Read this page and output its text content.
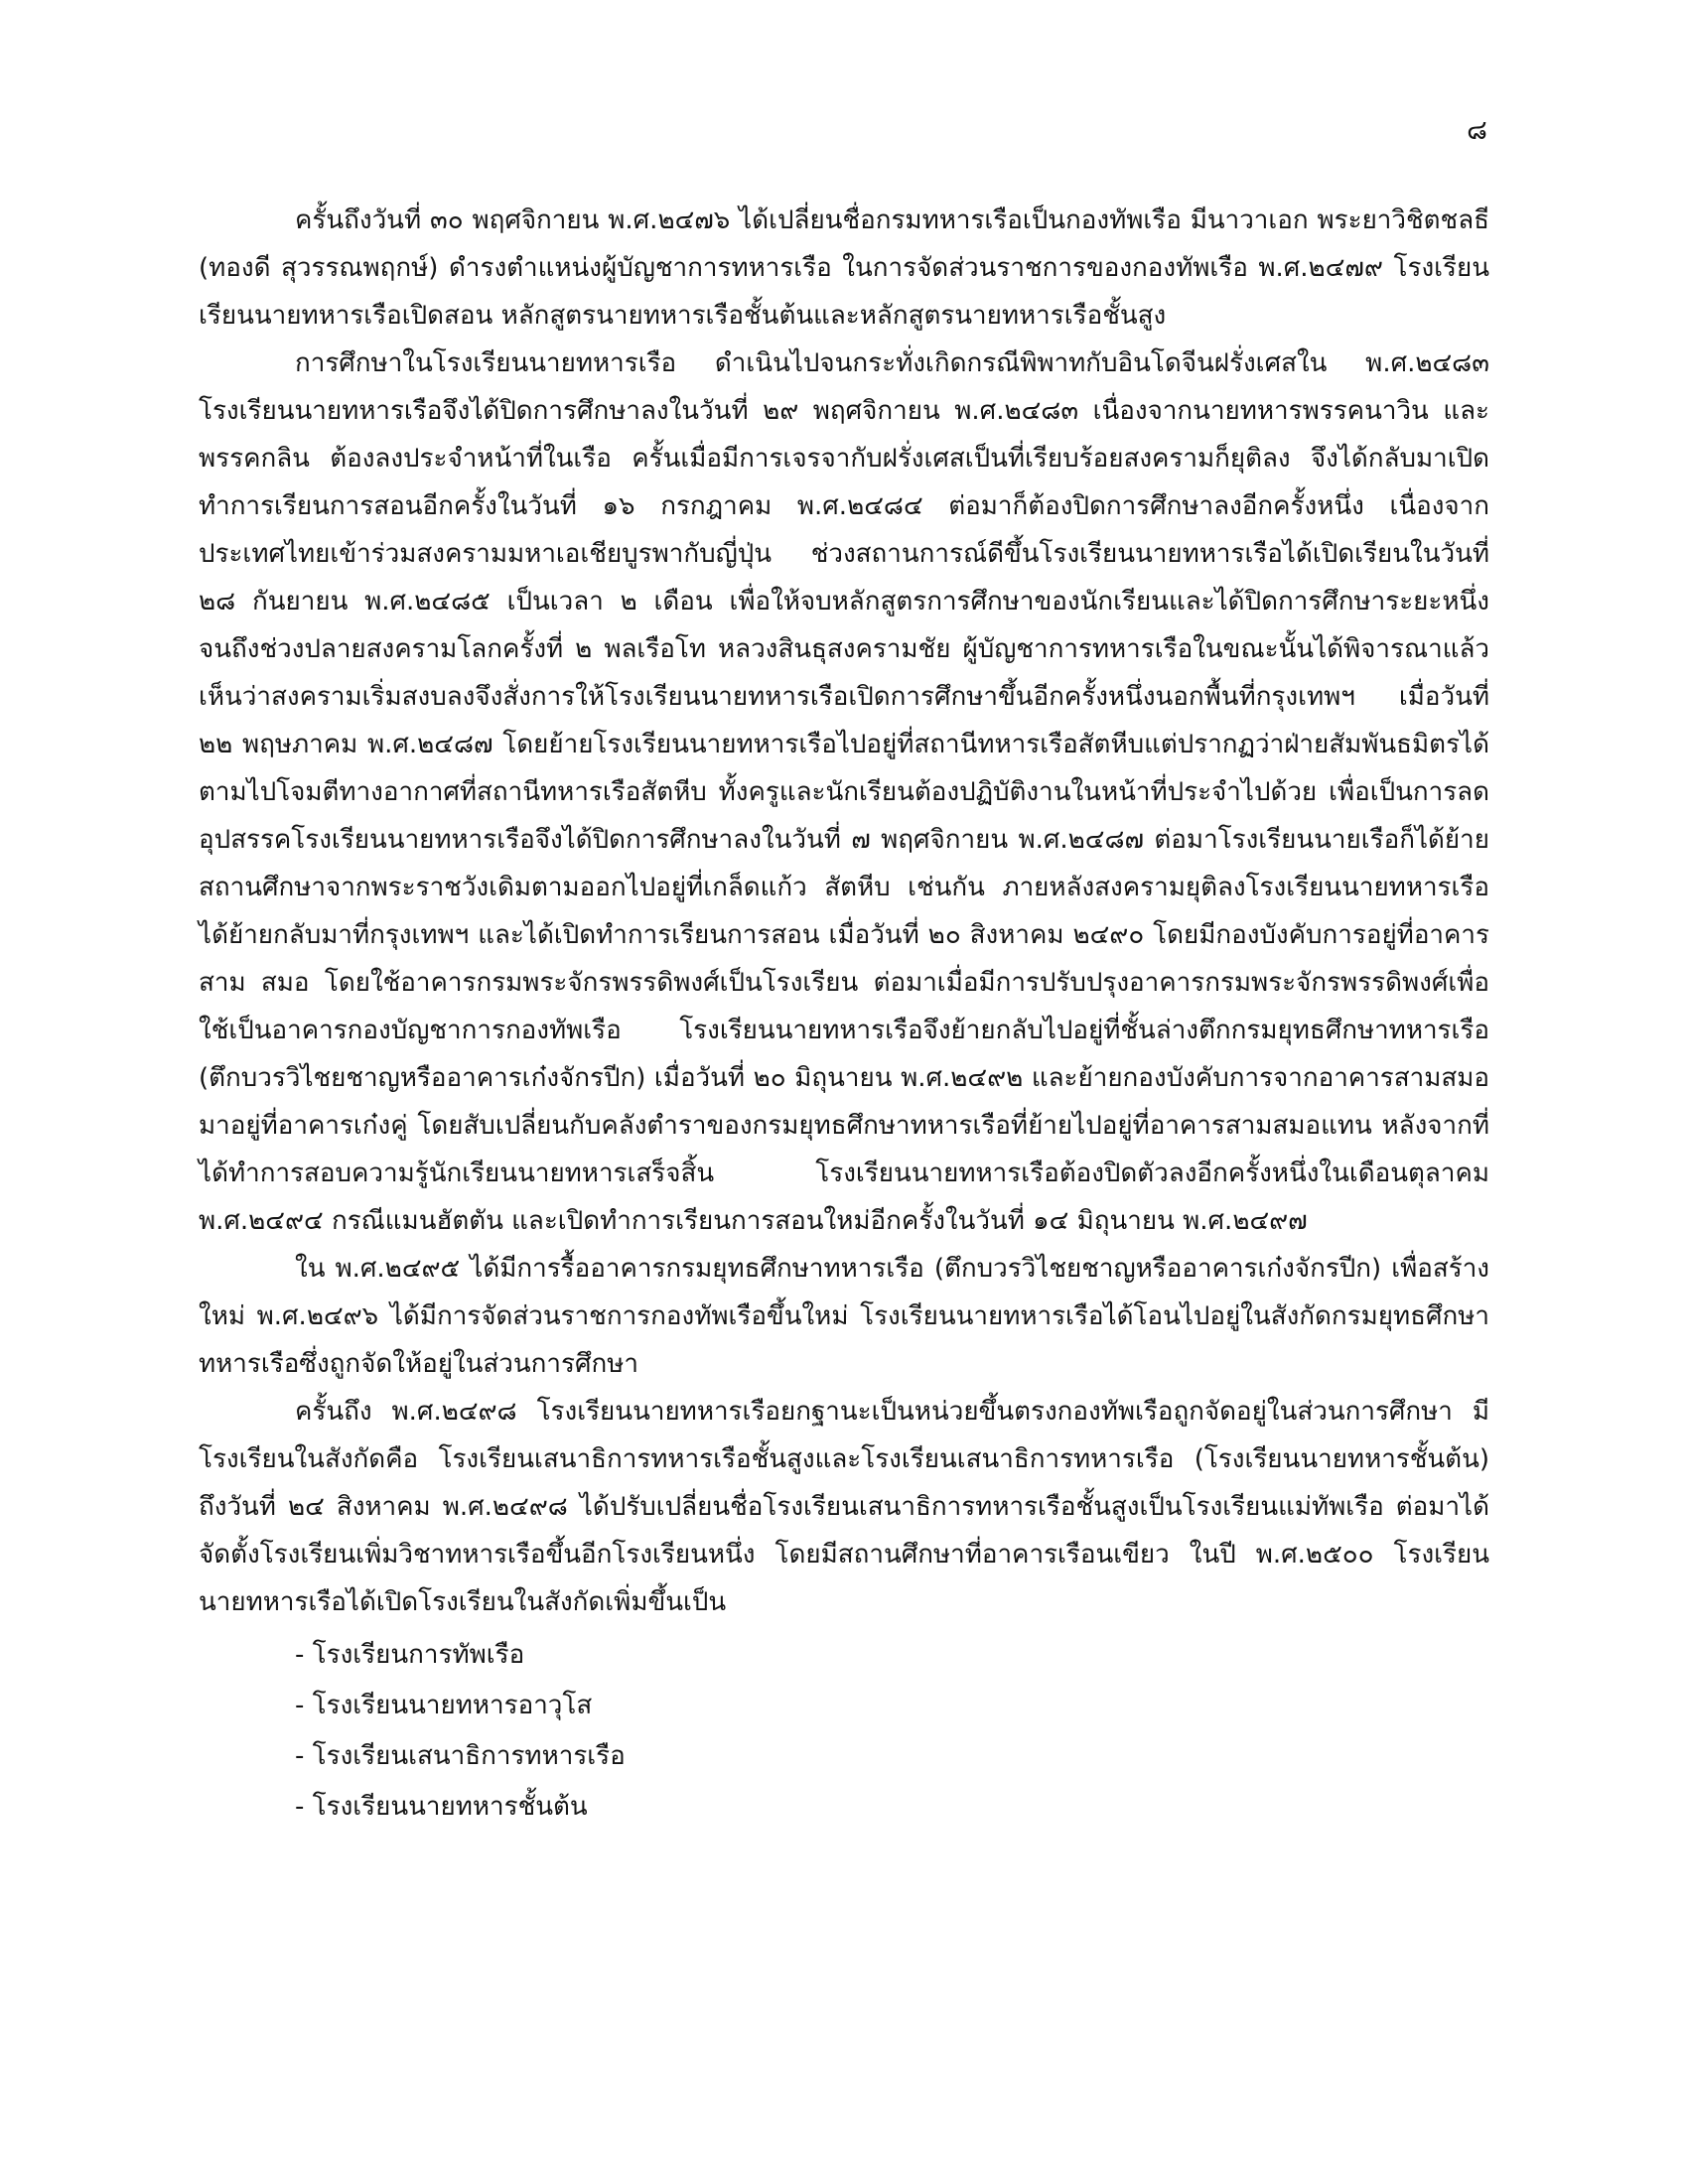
๘

ครั้นถึงวันที่ ๓๐ พฤศจิกายน พ.ศ.๒๔๗๖ ได้เปลี่ยนชื่อกรมทหารเรือเป็นกองทัพเรือ มีนาวาเอก พระยาวิชิตชลธี (ทองดี สุวรรณพฤกษ์) ดำรงตำแหน่งผู้บัญชาการทหารเรือ ในการจัดส่วนราชการของกองทัพเรือ พ.ศ.๒๔๗๙ โรงเรียนเรียนนายทหารเรือเปิดสอน หลักสูตรนายทหารเรือชั้นต้นและหลักสูตรนายทหารเรือชั้นสูง

การศึกษาในโรงเรียนนายทหารเรือ ดำเนินไปจนกระทั่งเกิดกรณีพิพาทกับอินโดจีนฝรั่งเศสใน พ.ศ.๒๔๘๓ โรงเรียนนายทหารเรือจึงได้ปิดการศึกษาลงในวันที่ ๒๙ พฤศจิกายน พ.ศ.๒๔๘๓ เนื่องจากนายทหารพรรคนาวิน และพรรคกลิน ต้องลงประจำหน้าที่ในเรือ ครั้นเมื่อมีการเจรจากับฝรั่งเศสเป็นที่เรียบร้อยสงครามก็ยุติลง จึงได้กลับมาเปิดทำการเรียนการสอนอีกครั้งในวันที่ ๑๖ กรกฎาคม พ.ศ.๒๔๘๔ ต่อมาก็ต้องปิดการศึกษาลงอีกครั้งหนึ่ง เนื่องจากประเทศไทยเข้าร่วมสงครามมหาเอเชียบูรพากับญี่ปุ่น ช่วงสถานการณ์ดีขึ้นโรงเรียนนายทหารเรือได้เปิดเรียนในวันที่ ๒๘ กันยายน พ.ศ.๒๔๘๕ เป็นเวลา ๒ เดือน เพื่อให้จบหลักสูตรการศึกษาของนักเรียนและได้ปิดการศึกษาระยะหนึ่ง จนถึงช่วงปลายสงครามโลกครั้งที่ ๒ พลเรือโท หลวงสินธุสงครามชัย ผู้บัญชาการทหารเรือในขณะนั้นได้พิจารณาแล้วเห็นว่าสงครามเริ่มสงบลงจึงสั่งการให้โรงเรียนนายทหารเรือเปิดการศึกษาขึ้นอีกครั้งหนึ่งนอกพื้นที่กรุงเทพฯ เมื่อวันที่ ๒๒ พฤษภาคม พ.ศ.๒๔๘๗ โดยย้ายโรงเรียนนายทหารเรือไปอยู่ที่สถานีทหารเรือสัตหีบแต่ปรากฏว่าฝ่ายสัมพันธมิตรได้ตามไปโจมตีทางอากาศที่สถานีทหารเรือสัตหีบ ทั้งครูและนักเรียนต้องปฏิบัติงานในหน้าที่ประจำไปด้วย เพื่อเป็นการลดอุปสรรคโรงเรียนนายทหารเรือจึงได้ปิดการศึกษาลงในวันที่ ๗ พฤศจิกายน พ.ศ.๒๔๘๗ ต่อมาโรงเรียนนายเรือก็ได้ย้ายสถานศึกษาจากพระราชวังเดิมตามออกไปอยู่ที่เกล็ดแก้ว สัตหีบ เช่นกัน ภายหลังสงครามยุติลงโรงเรียนนายทหารเรือได้ย้ายกลับมาที่กรุงเทพฯ และได้เปิดทำการเรียนการสอน เมื่อวันที่ ๒๐ สิงหาคม ๒๔๙๐ โดยมีกองบังคับการอยู่ที่อาคารสาม สมอ โดยใช้อาคารกรมพระจักรพรรดิพงศ์เป็นโรงเรียน ต่อมาเมื่อมีการปรับปรุงอาคารกรมพระจักรพรรดิพงศ์เพื่อใช้เป็นอาคารกองบัญชาการกองทัพเรือ โรงเรียนนายทหารเรือจึงย้ายกลับไปอยู่ที่ชั้นล่างตึกกรมยุทธศึกษาทหารเรือ (ตึกบวรวิไชยชาญหรืออาคารเก๋งจักรปีก) เมื่อวันที่ ๒๐ มิถุนายน พ.ศ.๒๔๙๒ และย้ายกองบังคับการจากอาคารสามสมอมาอยู่ที่อาคารเก๋งคู่ โดยสับเปลี่ยนกับคลังตำราของกรมยุทธศึกษาทหารเรือที่ย้ายไปอยู่ที่อาคารสามสมอแทน หลังจากที่ได้ทำการสอบความรู้นักเรียนนายทหารเสร็จสิ้น โรงเรียนนายทหารเรือต้องปิดตัวลงอีกครั้งหนึ่งในเดือนตุลาคม พ.ศ.๒๔๙๔ กรณีแมนฮัตตัน และเปิดทำการเรียนการสอนใหม่อีกครั้งในวันที่ ๑๔ มิถุนายน พ.ศ.๒๔๙๗

ใน พ.ศ.๒๔๙๕ ได้มีการรื้ออาคารกรมยุทธศึกษาทหารเรือ (ตึกบวรวิไชยชาญหรืออาคารเก๋งจักรปีก) เพื่อสร้างใหม่ พ.ศ.๒๔๙๖ ได้มีการจัดส่วนราชการกองทัพเรือขึ้นใหม่ โรงเรียนนายทหารเรือได้โอนไปอยู่ในสังกัดกรมยุทธศึกษาทหารเรือซึ่งถูกจัดให้อยู่ในส่วนการศึกษา

ครั้นถึง พ.ศ.๒๔๙๘ โรงเรียนนายทหารเรือยกฐานะเป็นหน่วยขึ้นตรงกองทัพเรือถูกจัดอยู่ในส่วนการศึกษา มีโรงเรียนในสังกัดคือ โรงเรียนเสนาธิการทหารเรือชั้นสูงและโรงเรียนเสนาธิการทหารเรือ (โรงเรียนนายทหารชั้นต้น) ถึงวันที่ ๒๔ สิงหาคม พ.ศ.๒๔๙๘ ได้ปรับเปลี่ยนชื่อโรงเรียนเสนาธิการทหารเรือชั้นสูงเป็นโรงเรียนแม่ทัพเรือ ต่อมาได้จัดตั้งโรงเรียนเพิ่มวิชาทหารเรือขึ้นอีกโรงเรียนหนึ่ง โดยมีสถานศึกษาที่อาคารเรือนเขียว ในปี พ.ศ.๒๕๐๐ โรงเรียนนายทหารเรือได้เปิดโรงเรียนในสังกัดเพิ่มขึ้นเป็น

- โรงเรียนการทัพเรือ
- โรงเรียนนายทหารอาวุโส
- โรงเรียนเสนาธิการทหารเรือ
- โรงเรียนนายทหารชั้นต้น
